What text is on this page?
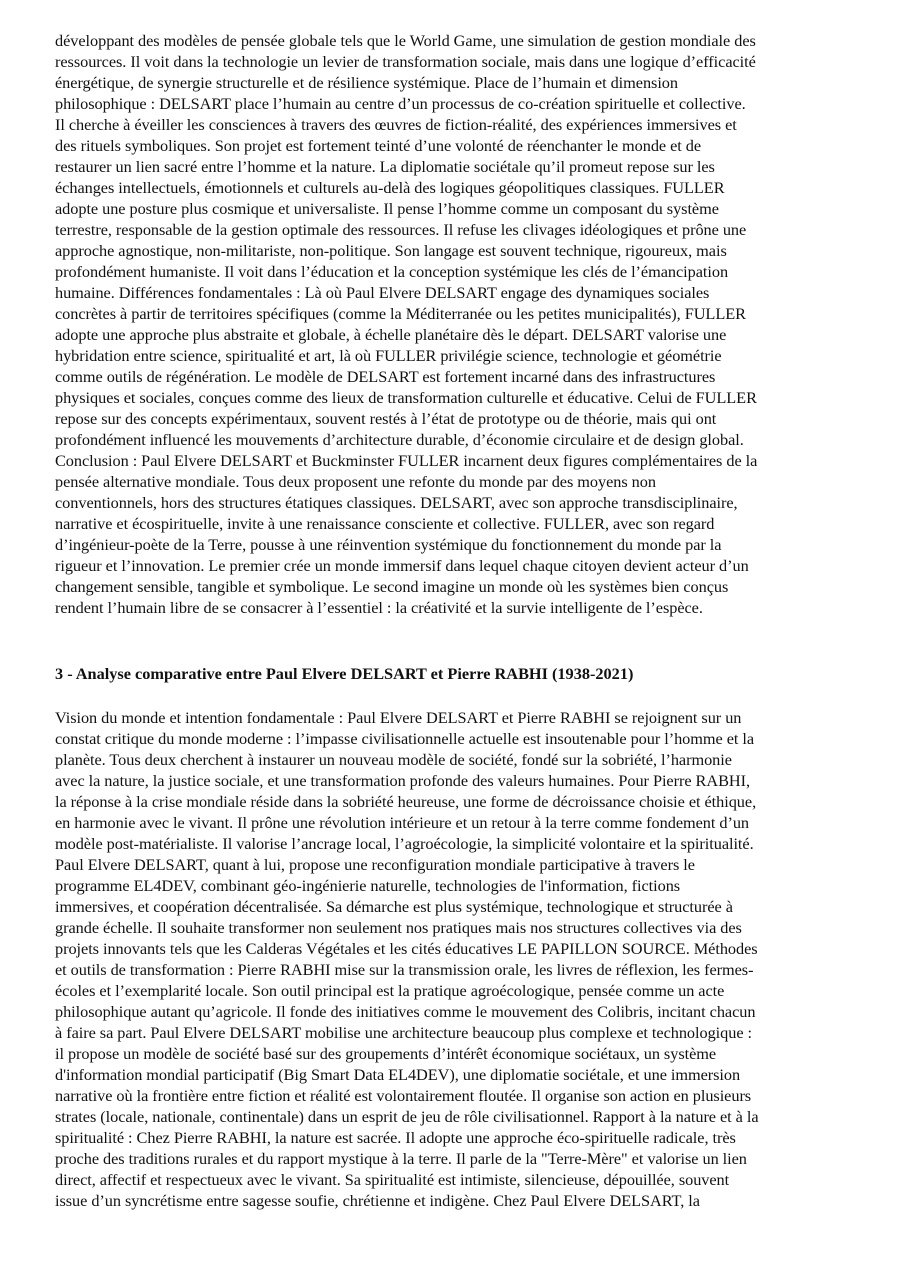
développant des modèles de pensée globale tels que le World Game, une simulation de gestion mondiale des
ressources. Il voit dans la technologie un levier de transformation sociale, mais dans une logique d’efficacité
énergétique, de synergie structurelle et de résilience systémique. Place de l’humain et dimension
philosophique : DELSART place l’humain au centre d’un processus de co-création spirituelle et collective.
Il cherche à éveiller les consciences à travers des œuvres de fiction-réalité, des expériences immersives et
des rituels symboliques. Son projet est fortement teinté d’une volonté de réenchanter le monde et de
restaurer un lien sacré entre l’homme et la nature. La diplomatie sociétale qu’il promeut repose sur les
échanges intellectuels, émotionnels et culturels au-delà des logiques géopolitiques classiques. FULLER
adopte une posture plus cosmique et universaliste. Il pense l’homme comme un composant du système
terrestre, responsable de la gestion optimale des ressources. Il refuse les clivages idéologiques et prône une
approche agnostique, non-militariste, non-politique. Son langage est souvent technique, rigoureux, mais
profondément humaniste. Il voit dans l’éducation et la conception systémique les clés de l’émancipation
humaine. Différences fondamentales : Là où Paul Elvere DELSART engage des dynamiques sociales
concrètes à partir de territoires spécifiques (comme la Méditerranée ou les petites municipalités), FULLER
adopte une approche plus abstraite et globale, à échelle planétaire dès le départ. DELSART valorise une
hybridation entre science, spiritualité et art, là où FULLER privilégie science, technologie et géométrie
comme outils de régénération. Le modèle de DELSART est fortement incarné dans des infrastructures
physiques et sociales, conçues comme des lieux de transformation culturelle et éducative. Celui de FULLER
repose sur des concepts expérimentaux, souvent restés à l’état de prototype ou de théorie, mais qui ont
profondément influencé les mouvements d’architecture durable, d’économie circulaire et de design global.
Conclusion : Paul Elvere DELSART et Buckminster FULLER incarnent deux figures complémentaires de la
pensée alternative mondiale. Tous deux proposent une refonte du monde par des moyens non
conventionnels, hors des structures étatiques classiques. DELSART, avec son approche transdisciplinaire,
narrative et écospirituelle, invite à une renaissance consciente et collective. FULLER, avec son regard
d’ingénieur-poète de la Terre, pousse à une réinvention systémique du fonctionnement du monde par la
rigueur et l’innovation. Le premier crée un monde immersif dans lequel chaque citoyen devient acteur d’un
changement sensible, tangible et symbolique. Le second imagine un monde où les systèmes bien conçus
rendent l’humain libre de se consacrer à l’essentiel : la créativité et la survie intelligente de l’espèce.
3 - Analyse comparative entre Paul Elvere DELSART et Pierre RABHI (1938-2021)
Vision du monde et intention fondamentale : Paul Elvere DELSART et Pierre RABHI se rejoignent sur un
constat critique du monde moderne : l’impasse civilisationnelle actuelle est insoutenable pour l’homme et la
planète. Tous deux cherchent à instaurer un nouveau modèle de société, fondé sur la sobriété, l’harmonie
avec la nature, la justice sociale, et une transformation profonde des valeurs humaines. Pour Pierre RABHI,
la réponse à la crise mondiale réside dans la sobriété heureuse, une forme de décroissance choisie et éthique,
en harmonie avec le vivant. Il prône une révolution intérieure et un retour à la terre comme fondement d’un
modèle post-matérialiste. Il valorise l’ancrage local, l’agroécologie, la simplicité volontaire et la spiritualité.
Paul Elvere DELSART, quant à lui, propose une reconfiguration mondiale participative à travers le
programme EL4DEV, combinant géo-ingénierie naturelle, technologies de l'information, fictions
immersives, et coopération décentralisée. Sa démarche est plus systémique, technologique et structurée à
grande échelle. Il souhaite transformer non seulement nos pratiques mais nos structures collectives via des
projets innovants tels que les Calderas Végétales et les cités éducatives LE PAPILLON SOURCE. Méthodes
et outils de transformation : Pierre RABHI mise sur la transmission orale, les livres de réflexion, les fermes-
écoles et l’exemplarité locale. Son outil principal est la pratique agroécologique, pensée comme un acte
philosophique autant qu’agricole. Il fonde des initiatives comme le mouvement des Colibris, incitant chacun
à faire sa part. Paul Elvere DELSART mobilise une architecture beaucoup plus complexe et technologique :
il propose un modèle de société basé sur des groupements d’intérêt économique sociétaux, un système
d'information mondial participatif (Big Smart Data EL4DEV), une diplomatie sociétale, et une immersion
narrative où la frontière entre fiction et réalité est volontairement floutée. Il organise son action en plusieurs
strates (locale, nationale, continentale) dans un esprit de jeu de rôle civilisationnel. Rapport à la nature et à la
spiritualité : Chez Pierre RABHI, la nature est sacrée. Il adopte une approche éco-spirituelle radicale, très
proche des traditions rurales et du rapport mystique à la terre. Il parle de la "Terre-Mère" et valorise un lien
direct, affectif et respectueux avec le vivant. Sa spiritualité est intimiste, silencieuse, dépouillée, souvent
issue d’un syncrétisme entre sagesse soufie, chrétienne et indigène. Chez Paul Elvere DELSART, la
